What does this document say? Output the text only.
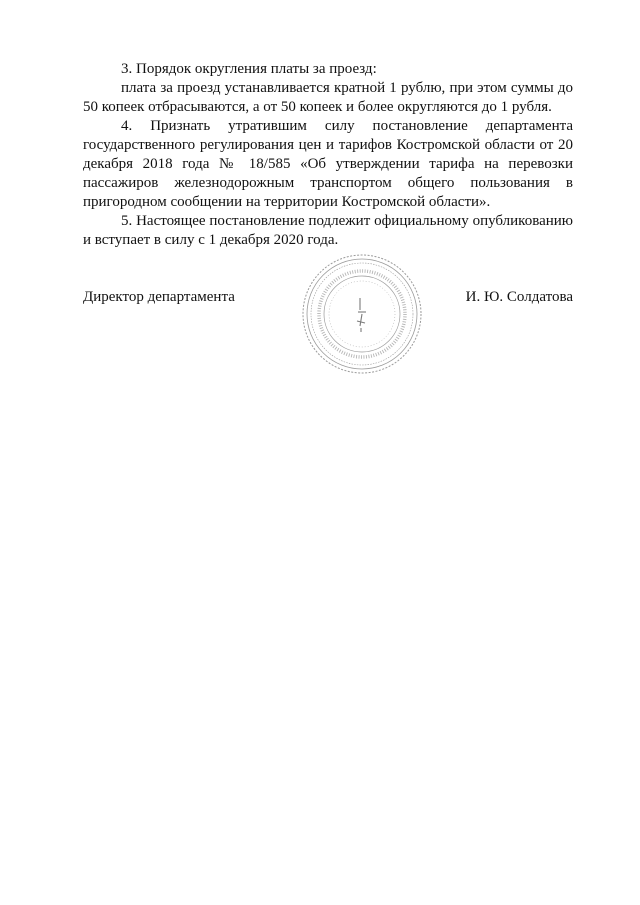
3. Порядок округления платы за проезд:

плата за проезд устанавливается кратной 1 рублю, при этом суммы до 50 копеек отбрасываются, а от 50 копеек и более округляются до 1 рубля.

4. Признать утратившим силу постановление департамента государственного регулирования цен и тарифов Костромской области от 20 декабря 2018 года № 18/585 «Об утверждении тарифа на перевозки пассажиров железнодорожным транспортом общего пользования в пригородном сообщении на территории Костромской области».

5. Настоящее постановление подлежит официальному опубликованию и вступает в силу с 1 декабря 2020 года.

Директор департамента	И. Ю. Солдатова
